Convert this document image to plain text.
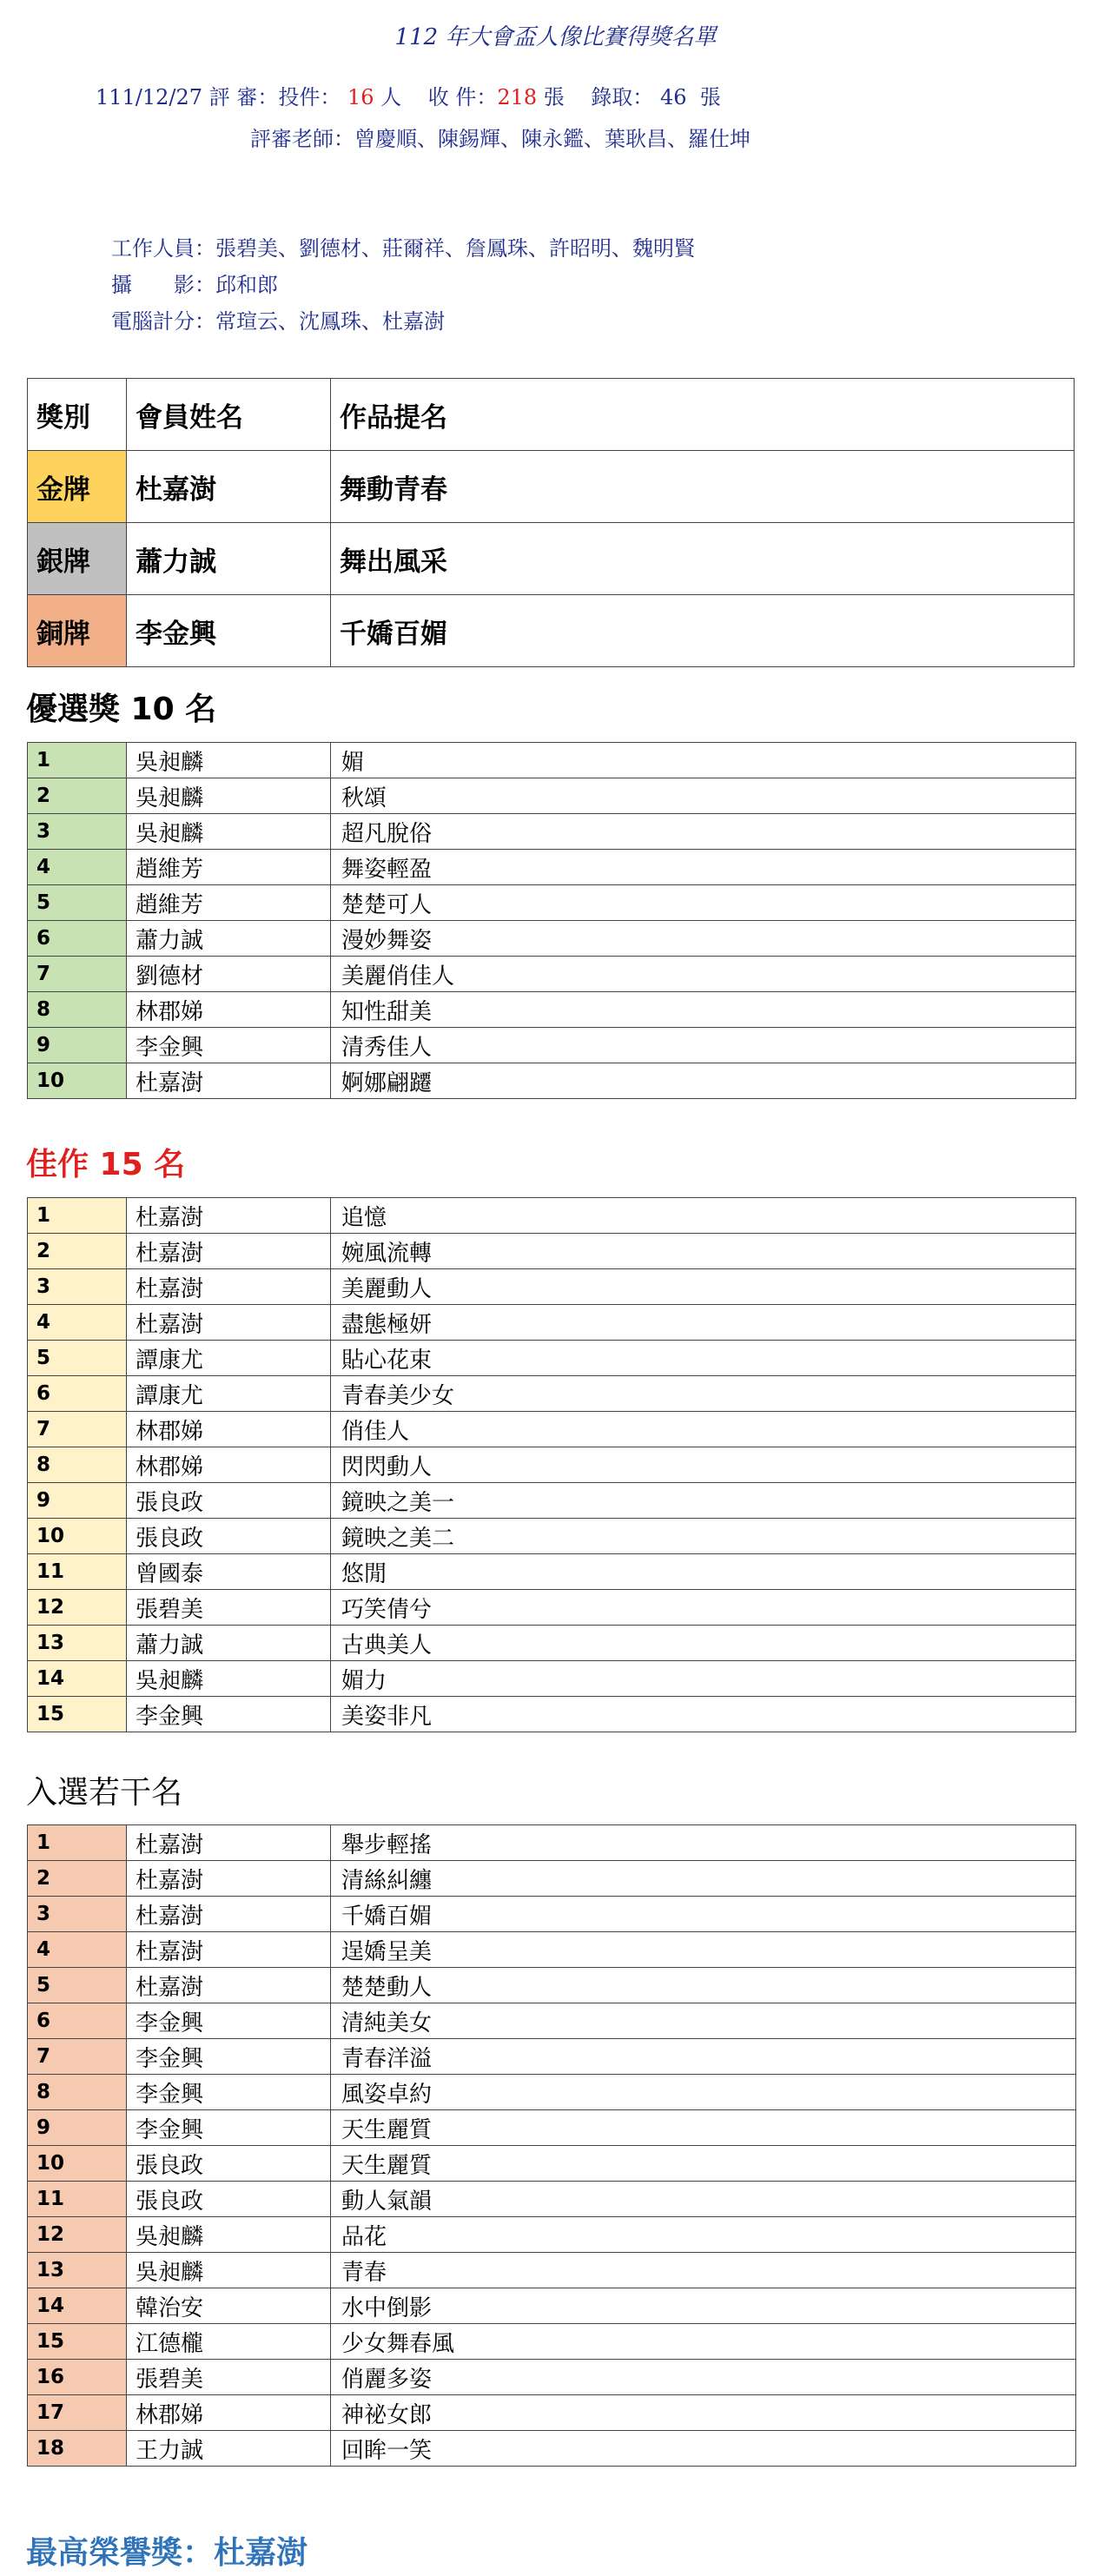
112 年大會盃人像比賽得獎名單
111/12/27 評 審：投件： 16 人 收 件：218 張 錄取： 46 張
評審老師：曾慶順、陳錫輝、陳永鑑、葉耿昌、羅仕坤
工作人員：張碧美、劉德材、莊爾祥、詹鳳珠、許昭明、魏明賢
攝　　影：邱和郎
電腦計分：常瑄云、沈鳳珠、杜嘉澍
獎別	會員姓名	作品提名
金牌	杜嘉澍	舞動青春
銀牌	蕭力誠	舞出風采
銅牌	李金興	千嬌百媚
優選獎 10 名
1	吳昶麟	媚
2	吳昶麟	秋頌
3	吳昶麟	超凡脫俗
4	趙維芳	舞姿輕盈
5	趙維芳	楚楚可人
6	蕭力誠	漫妙舞姿
7	劉德材	美麗俏佳人
8	林郡娣	知性甜美
9	李金興	清秀佳人
10	杜嘉澍	婀娜翩躚
佳作 15 名
1	杜嘉澍	追憶
2	杜嘉澍	婉風流轉
3	杜嘉澍	美麗動人
4	杜嘉澍	盡態極妍
5	譚康尤	貼心花束
6	譚康尤	青春美少女
7	林郡娣	俏佳人
8	林郡娣	閃閃動人
9	張良政	鏡映之美一
10	張良政	鏡映之美二
11	曾國泰	悠閒
12	張碧美	巧笑倩兮
13	蕭力誠	古典美人
14	吳昶麟	媚力
15	李金興	美姿非凡
入選若干名
1	杜嘉澍	舉步輕搖
2	杜嘉澍	清絲糾纏
3	杜嘉澍	千嬌百媚
4	杜嘉澍	逞嬌呈美
5	杜嘉澍	楚楚動人
6	李金興	清純美女
7	李金興	青春洋溢
8	李金興	風姿卓約
9	李金興	天生麗質
10	張良政	天生麗質
11	張良政	動人氣韻
12	吳昶麟	品花
13	吳昶麟	青春
14	韓治安	水中倒影
15	江德櫳	少女舞春風
16	張碧美	俏麗多姿
17	林郡娣	神祕女郎
18	王力誠	回眸一笑
最高榮譽獎：杜嘉澍
